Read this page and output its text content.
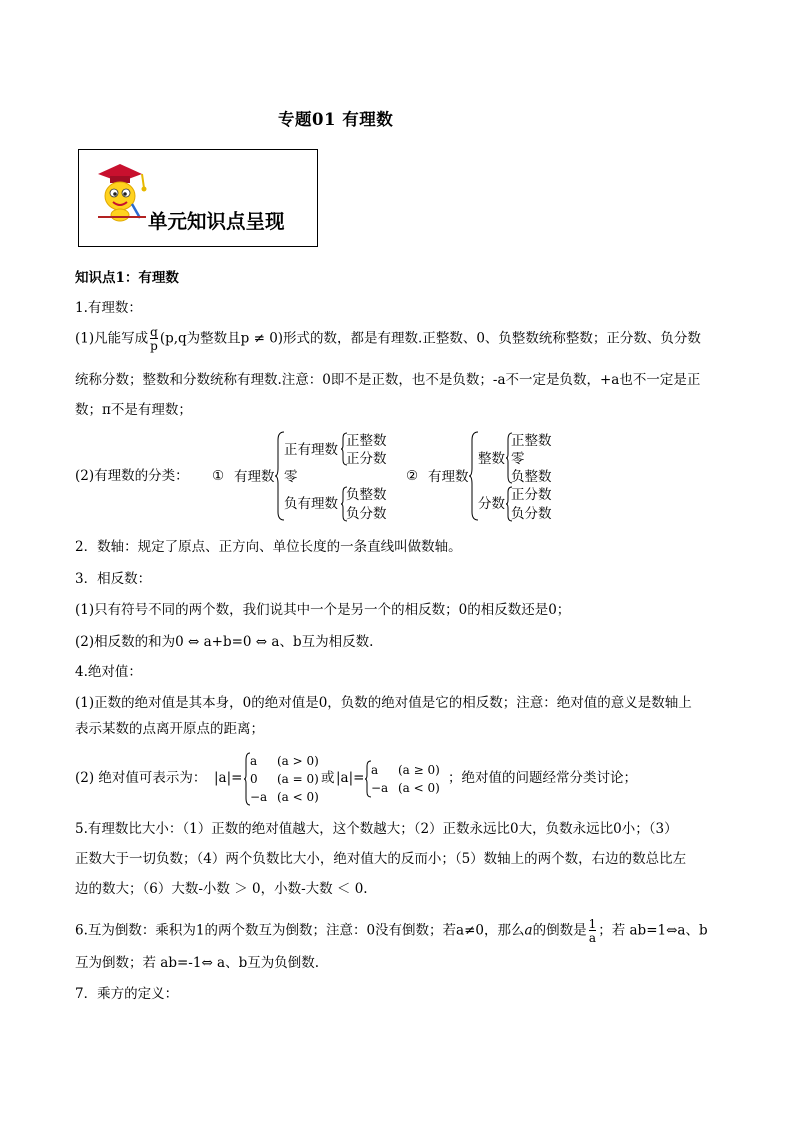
专题01 有理数
单元知识点呈现
知识点1：有理数
1.有理数：
(1)凡能写成 $\frac{q}{p} (p,q$为整数且p ≠ 0)形式的数，都是有理数.正整数、0、负整数统称整数；正分数、负分数
统称分数；整数和分数统称有理数.注意：0即不是正数，也不是负数；-a不一定是负数，+a也不一定是正
数；π不是有理数；
(2)有理数的分类： ① 有理数
正有理数
正整数
正分数
零
负有理数
负整数
负分数
② 有理数
整数
正整数
零
负整数
分数
正分数
负分数
2．数轴：规定了原点、正方向、单位长度的一条直线叫做数轴。
3．相反数：
(1)只有符号不同的两个数，我们说其中一个是另一个的相反数；0的相反数还是0；
(2)相反数的和为0 ⇔ a+b=0 ⇔ a、b互为相反数.
4.绝对值：
(1)正数的绝对值是其本身，0的绝对值是0，负数的绝对值是它的相反数；注意：绝对值的意义是数轴上
表示某数的点离开原点的距离；
(2) 绝对值可表示为： |a|=
a (a > 0)
0 (a = 0)
−a (a < 0)
或 |a|= a (a ≥ 0)
−a (a < 0)
；绝对值的问题经常分类讨论；
5.有理数比大小：（1）正数的绝对值越大，这个数越大；（2）正数永远比0大，负数永远比0小；（3）
正数大于一切负数；（4）两个负数比大小，绝对值大的反而小；（5）数轴上的两个数，右边的数总比左
边的数大；（6）大数-小数 ＞ 0，小数-大数 ＜ 0.
6.互为倒数：乘积为1的两个数互为倒数；注意：0没有倒数；若a≠0，那么a的倒数是 $\frac{1}{a}$ ；若 ab=1⇔a、b
互为倒数；若 ab=-1⇔ a、b互为负倒数.
7．乘方的定义：
